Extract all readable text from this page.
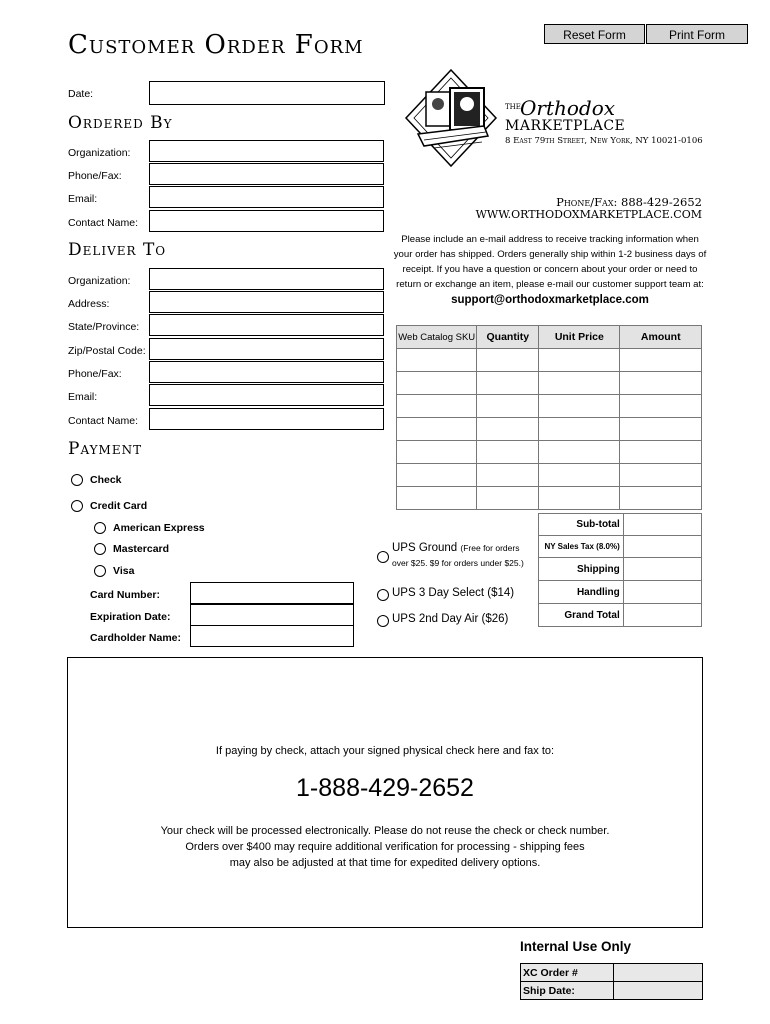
Customer Order Form	Reset Form	Print Form
Date:
Ordered By
Organization:
Phone/Fax:
Email:
Contact Name:
Deliver To
Organization:
Address:
State/Province:
Zip/Postal Code:
Phone/Fax:
Email:
Contact Name:
Payment
Check
Credit Card
American Express
Mastercard
Visa
Card Number:
Expiration Date:
Cardholder Name:
THE Orthodox
MARKETPLACE
8 East 79th Street, New York, NY 10021-0106
Phone/Fax: 888-429-2652
WWW.ORTHODOXMARKETPLACE.COM
Please include an e-mail address to receive tracking information when your order has shipped. Orders generally ship within 1-2 business days of receipt. If you have a question or concern about your order or need to return or exchange an item, please e-mail our customer support team at:
support@orthodoxmarketplace.com
Web Catalog SKU	Quantity	Unit Price	Amount

Sub-total	
NY Sales Tax (8.0%)	
Shipping	
Handling	
Grand Total	
UPS Ground (Free for orders
over $25. $9 for orders under $25.)
UPS 3 Day Select ($14)
UPS 2nd Day Air ($26)
If paying by check, attach your signed physical check here and fax to:
1-888-429-2652
Your check will be processed electronically. Please do not reuse the check or check number.
Orders over $400 may require additional verification for processing - shipping fees
may also be adjusted at that time for expedited delivery options.
Internal Use Only
XC Order #	
Ship Date:	
